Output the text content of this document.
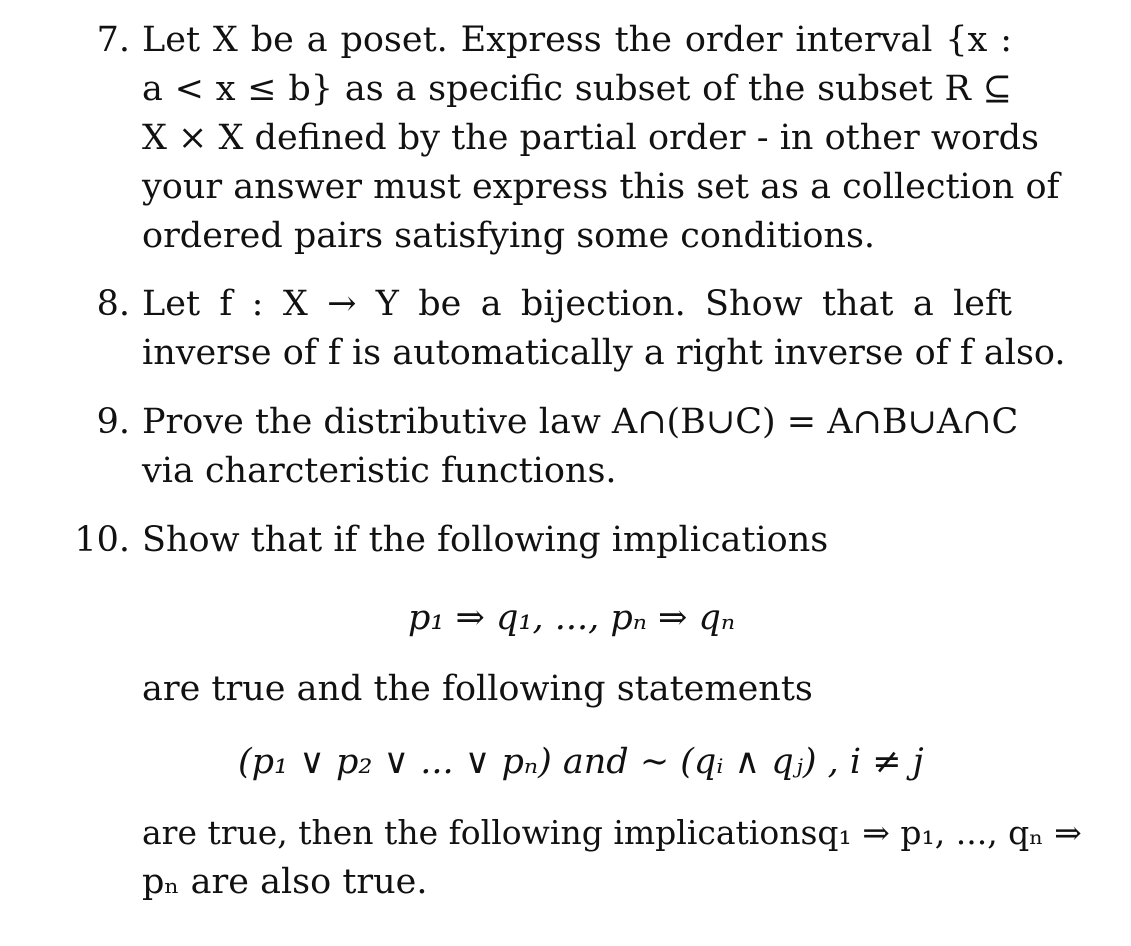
7. Let X be a poset. Express the order interval {x :
a < x ≤ b} as a specific subset of the subset R ⊆
X × X defined by the partial order - in other words
your answer must express this set as a collection of
ordered pairs satisfying some conditions.
8. Let f : X → Y be a bijection. Show that a left
inverse of f is automatically a right inverse of f also.
9. Prove the distributive law A∩(B∪C) = A∩B∪A∩C
via charcteristic functions.
10. Show that if the following implications
p₁ ⇒ q₁, ..., pₙ ⇒ qₙ
are true and the following statements
(p₁ ∨ p₂ ∨ ... ∨ pₙ) and ∼ (qᵢ ∧ qⱼ) , i ≠ j
are true, then the following implicationsq₁ ⇒ p₁, ..., qₙ ⇒
pₙ are also true.
